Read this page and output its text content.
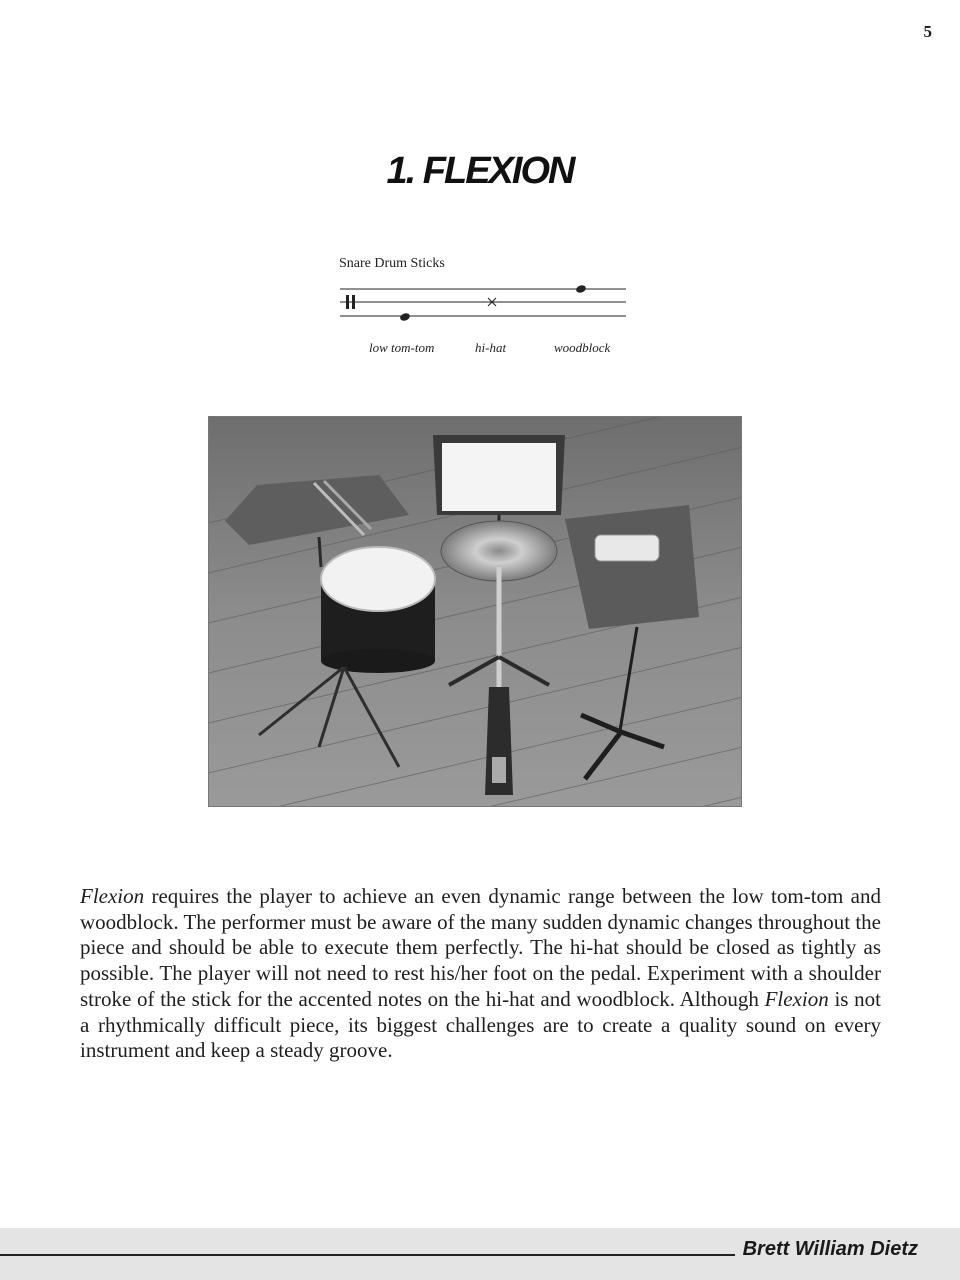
5
1. FLEXION
Snare Drum Sticks
low tom-tom	hi-hat	woodblock

Flexion requires the player to achieve an even dynamic range between the low tom-tom and woodblock. The performer must be aware of the many sudden dynamic changes throughout the piece and should be able to execute them perfectly. The hi-hat should be closed as tightly as possible. The player will not need to rest his/her foot on the pedal. Experiment with a shoulder stroke of the stick for the accented notes on the hi-hat and woodblock. Although Flexion is not a rhythmically difficult piece, its biggest challenges are to create a quality sound on every instrument and keep a steady groove.

Brett William Dietz
